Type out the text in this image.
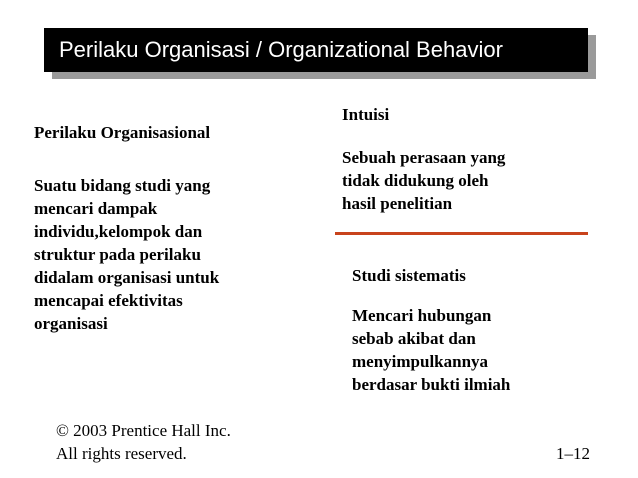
Perilaku Organisasi / Organizational Behavior
Perilaku Organisasional
Suatu bidang studi yang
mencari dampak
individu,kelompok dan
struktur pada perilaku
didalam organisasi untuk
mencapai efektivitas
organisasi
Intuisi
Sebuah perasaan yang
tidak didukung oleh
hasil penelitian
Studi sistematis
Mencari hubungan
sebab akibat dan
menyimpulkannya
berdasar bukti ilmiah
© 2003 Prentice Hall Inc.
All rights reserved.	1–12
